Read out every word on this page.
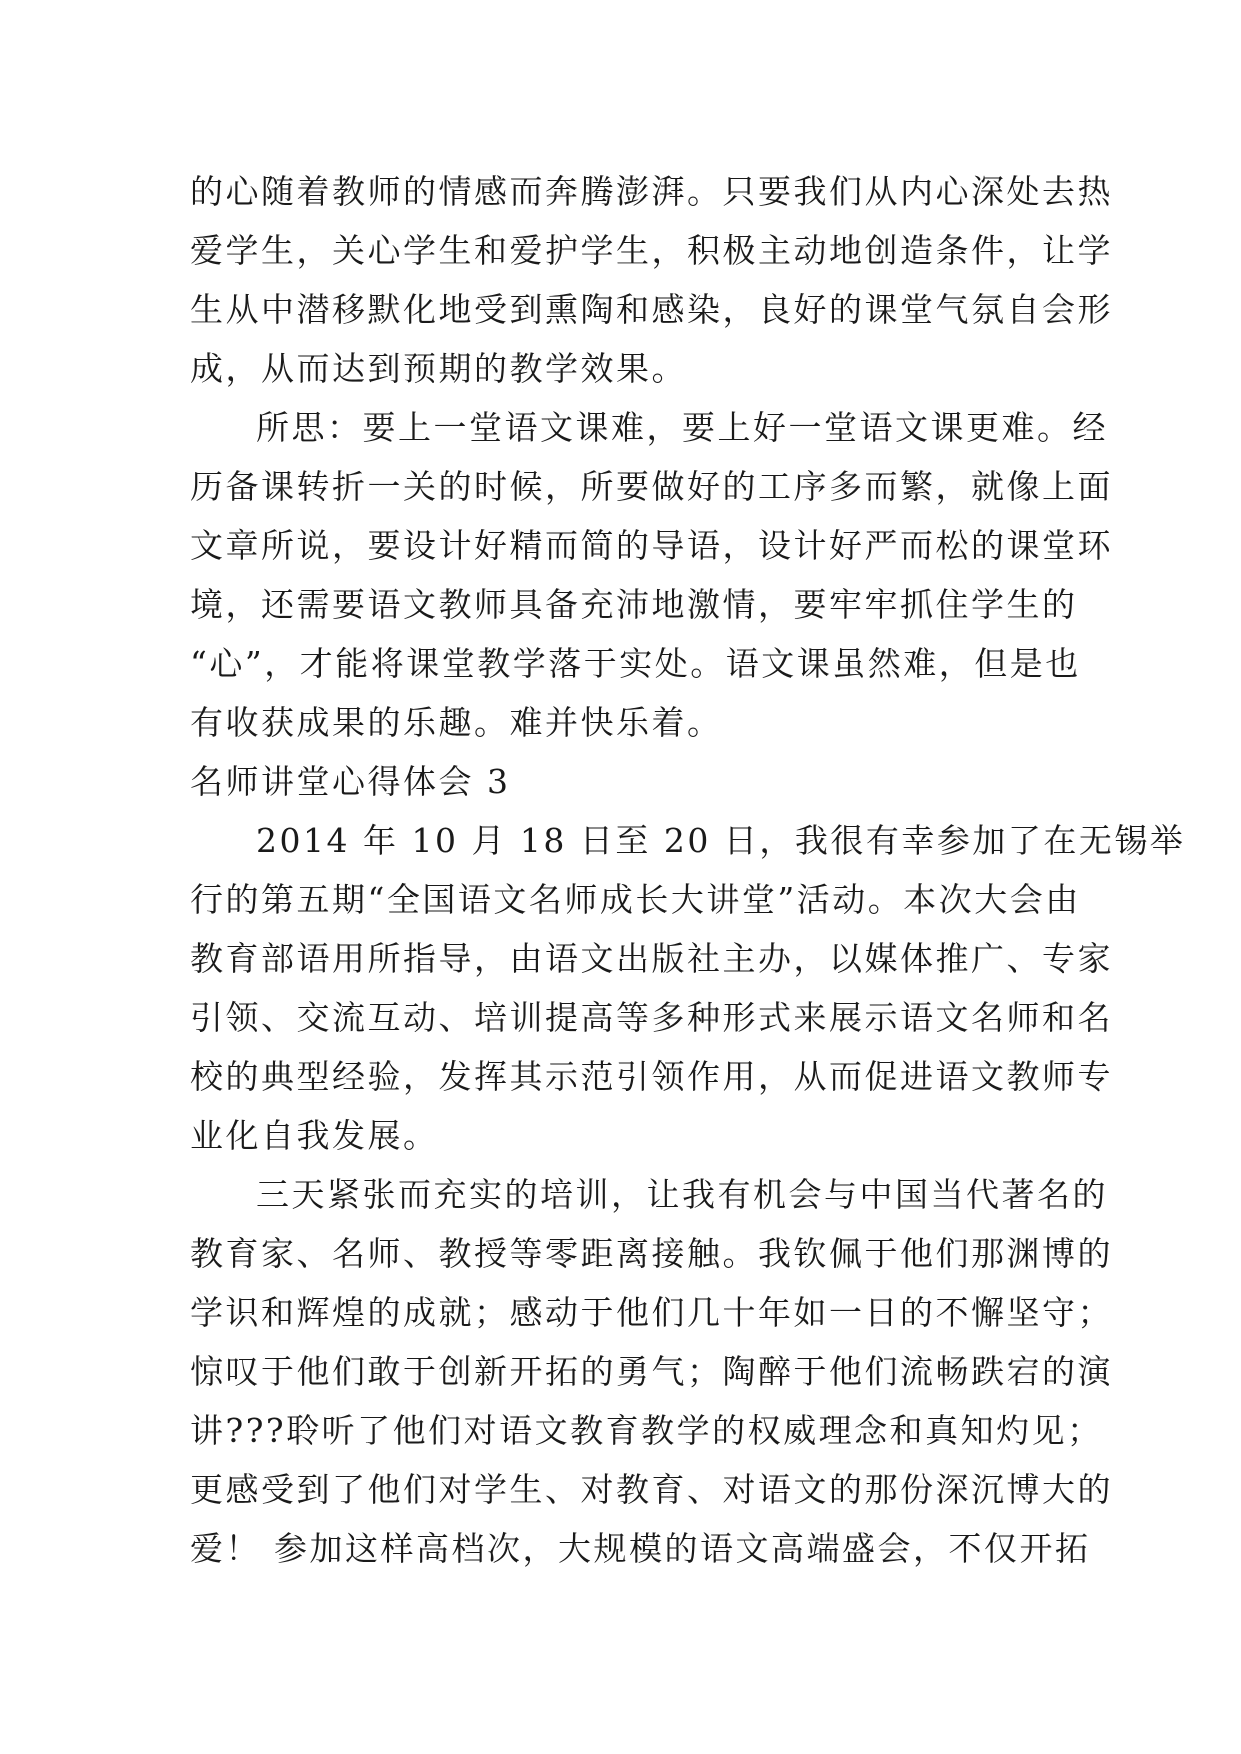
的心随着教师的情感而奔腾澎湃。只要我们从内心深处去热
爱学生，关心学生和爱护学生，积极主动地创造条件，让学
生从中潜移默化地受到熏陶和感染，良好的课堂气氛自会形
成，从而达到预期的教学效果。
所思：要上一堂语文课难，要上好一堂语文课更难。经
历备课转折一关的时候，所要做好的工序多而繁，就像上面
文章所说，要设计好精而简的导语，设计好严而松的课堂环
境，还需要语文教师具备充沛地激情，要牢牢抓住学生的
“心”，才能将课堂教学落于实处。语文课虽然难，但是也
有收获成果的乐趣。难并快乐着。
名师讲堂心得体会 3
2014 年 10 月 18 日至 20 日，我很有幸参加了在无锡举
行的第五期“全国语文名师成长大讲堂”活动。本次大会由
教育部语用所指导，由语文出版社主办，以媒体推广、专家
引领、交流互动、培训提高等多种形式来展示语文名师和名
校的典型经验，发挥其示范引领作用，从而促进语文教师专
业化自我发展。
三天紧张而充实的培训，让我有机会与中国当代著名的
教育家、名师、教授等零距离接触。我钦佩于他们那渊博的
学识和辉煌的成就；感动于他们几十年如一日的不懈坚守；
惊叹于他们敢于创新开拓的勇气；陶醉于他们流畅跌宕的演
讲???聆听了他们对语文教育教学的权威理念和真知灼见；
更感受到了他们对学生、对教育、对语文的那份深沉博大的
爱！ 参加这样高档次，大规模的语文高端盛会，不仅开拓
